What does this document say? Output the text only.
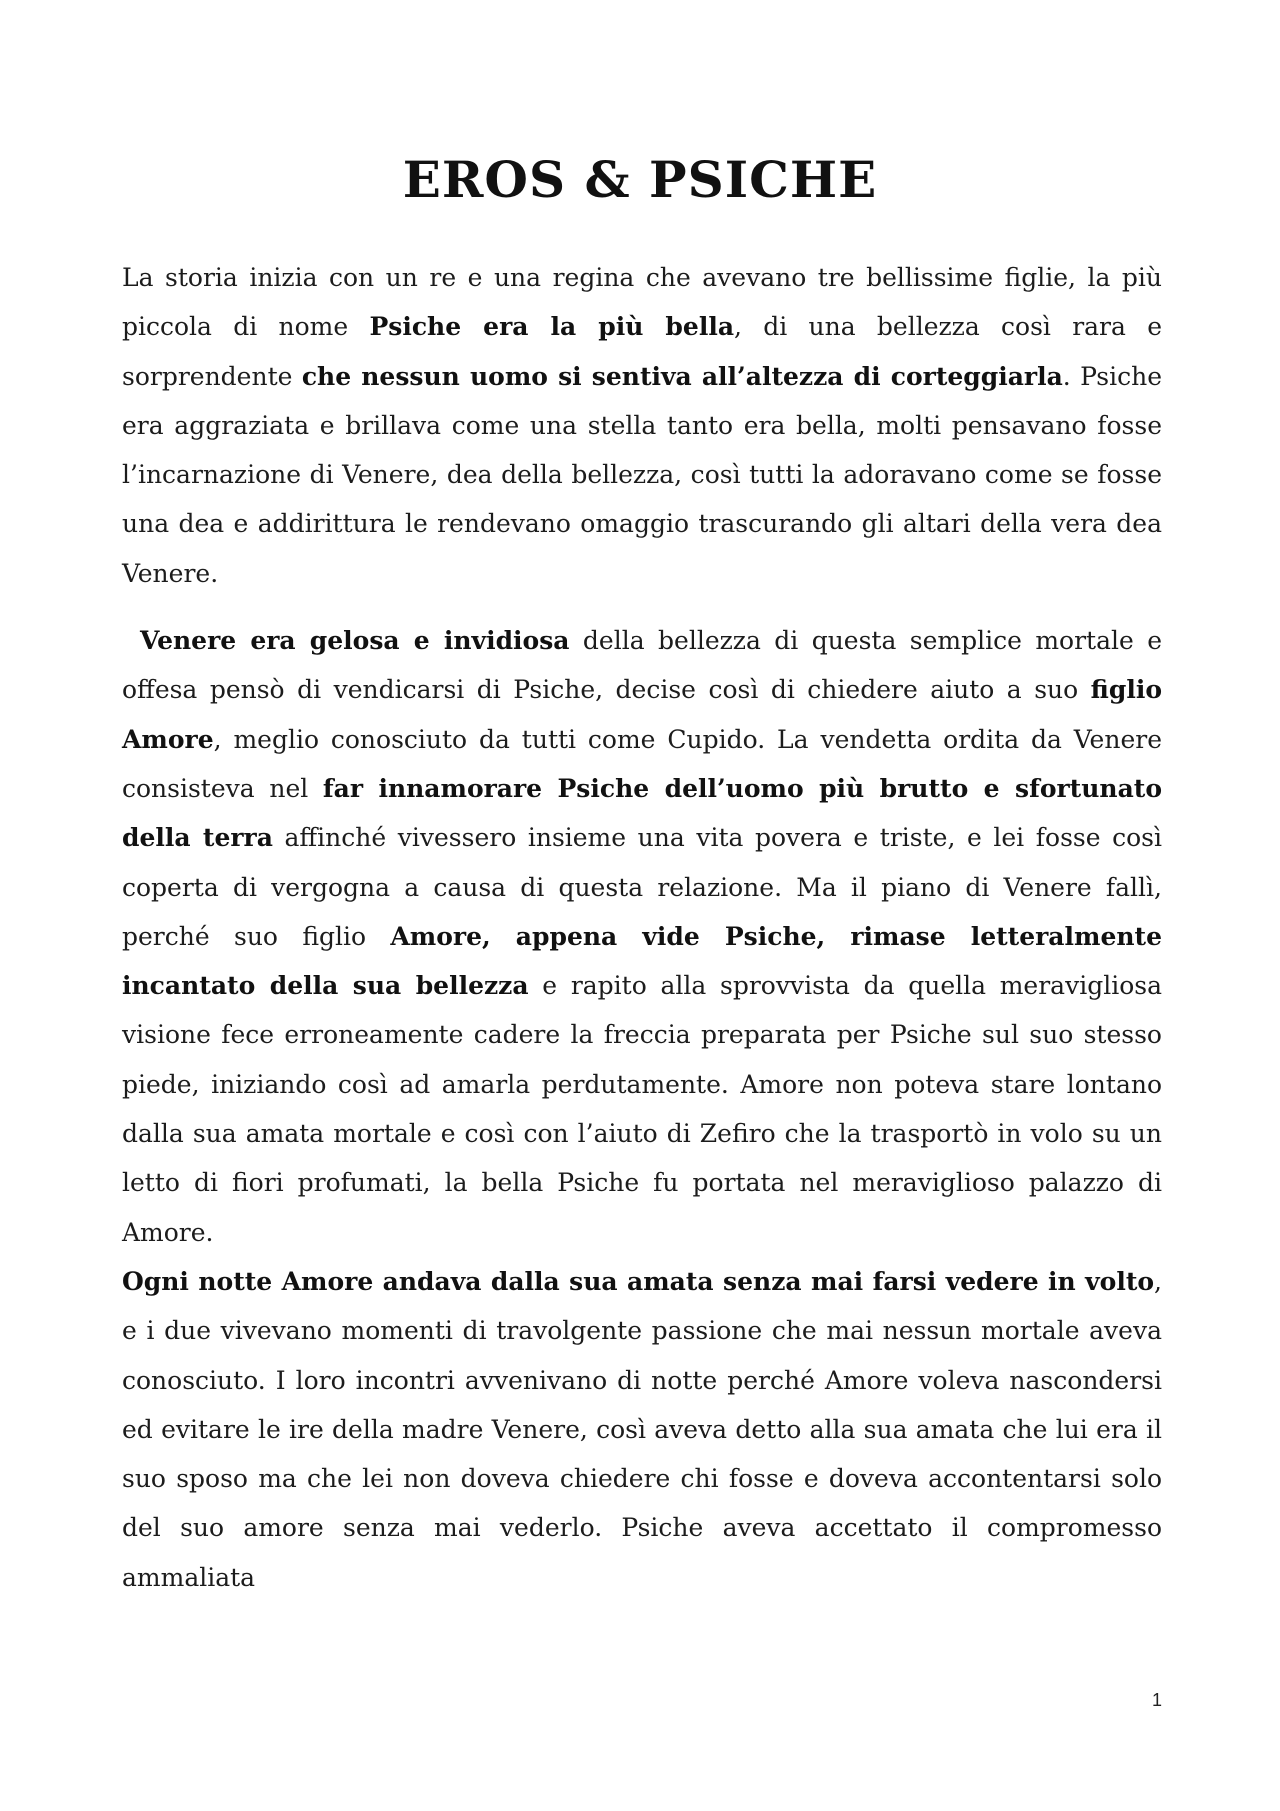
EROS & PSICHE

La storia inizia con un re e una regina che avevano tre bellissime figlie, la più piccola di nome Psiche era la più bella, di una bellezza così rara e sorprendente che nessun uomo si sentiva all’altezza di corteggiarla. Psiche era aggraziata e brillava come una stella tanto era bella, molti pensavano fosse l’incarnazione di Venere, dea della bellezza, così tutti la adoravano come se fosse una dea e addirittura le rendevano omaggio trascurando gli altari della vera dea Venere.

Venere era gelosa e invidiosa della bellezza di questa semplice mortale e offesa pensò di vendicarsi di Psiche, decise così di chiedere aiuto a suo figlio Amore, meglio conosciuto da tutti come Cupido. La vendetta ordita da Venere consisteva nel far innamorare Psiche dell’uomo più brutto e sfortunato della terra affinché vivessero insieme una vita povera e triste, e lei fosse così coperta di vergogna a causa di questa relazione. Ma il piano di Venere fallì, perché suo figlio Amore, appena vide Psiche, rimase letteralmente incantato della sua bellezza e rapito alla sprovvista da quella meravigliosa visione fece erroneamente cadere la freccia preparata per Psiche sul suo stesso piede, iniziando così ad amarla perdutamente. Amore non poteva stare lontano dalla sua amata mortale e così con l’aiuto di Zefiro che la trasportò in volo su un letto di fiori profumati, la bella Psiche fu portata nel meraviglioso palazzo di Amore.
Ogni notte Amore andava dalla sua amata senza mai farsi vedere in volto, e i due vivevano momenti di travolgente passione che mai nessun mortale aveva conosciuto. I loro incontri avvenivano di notte perché Amore voleva nascondersi ed evitare le ire della madre Venere, così aveva detto alla sua amata che lui era il suo sposo ma che lei non doveva chiedere chi fosse e doveva accontentarsi solo del suo amore senza mai vederlo. Psiche aveva accettato il compromesso ammaliata

1
